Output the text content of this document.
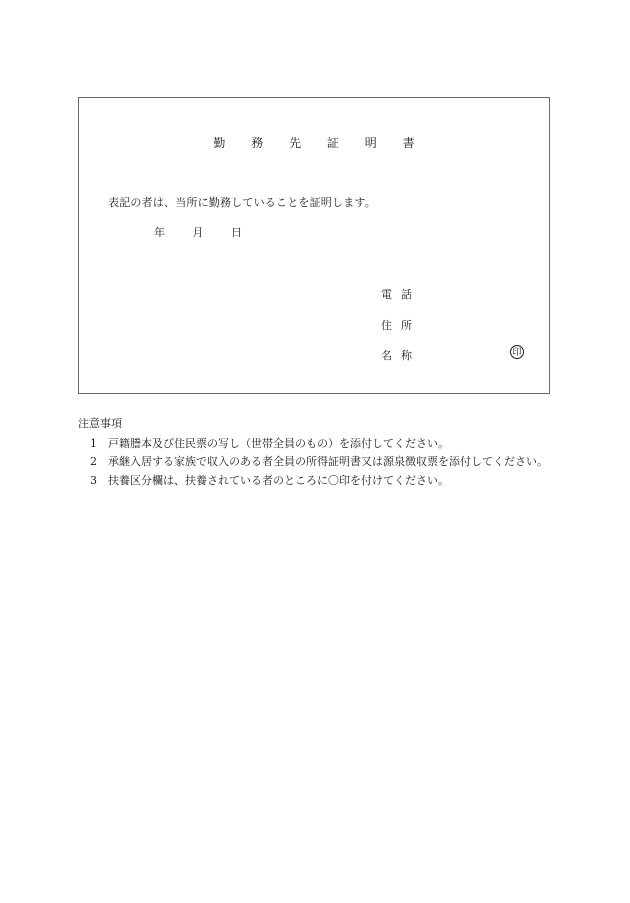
勤 務 先 証 明 書
表記の者は、当所に勤務していることを証明します。
年	月	日
電 話
住 所
名 称	印
注意事項
1 戸籍謄本及び住民票の写し（世帯全員のもの）を添付してください。
2 承継入居する家族で収入のある者全員の所得証明書又は源泉徴収票を添付してください。
3 扶養区分欄は、扶養されている者のところに〇印を付けてください。
